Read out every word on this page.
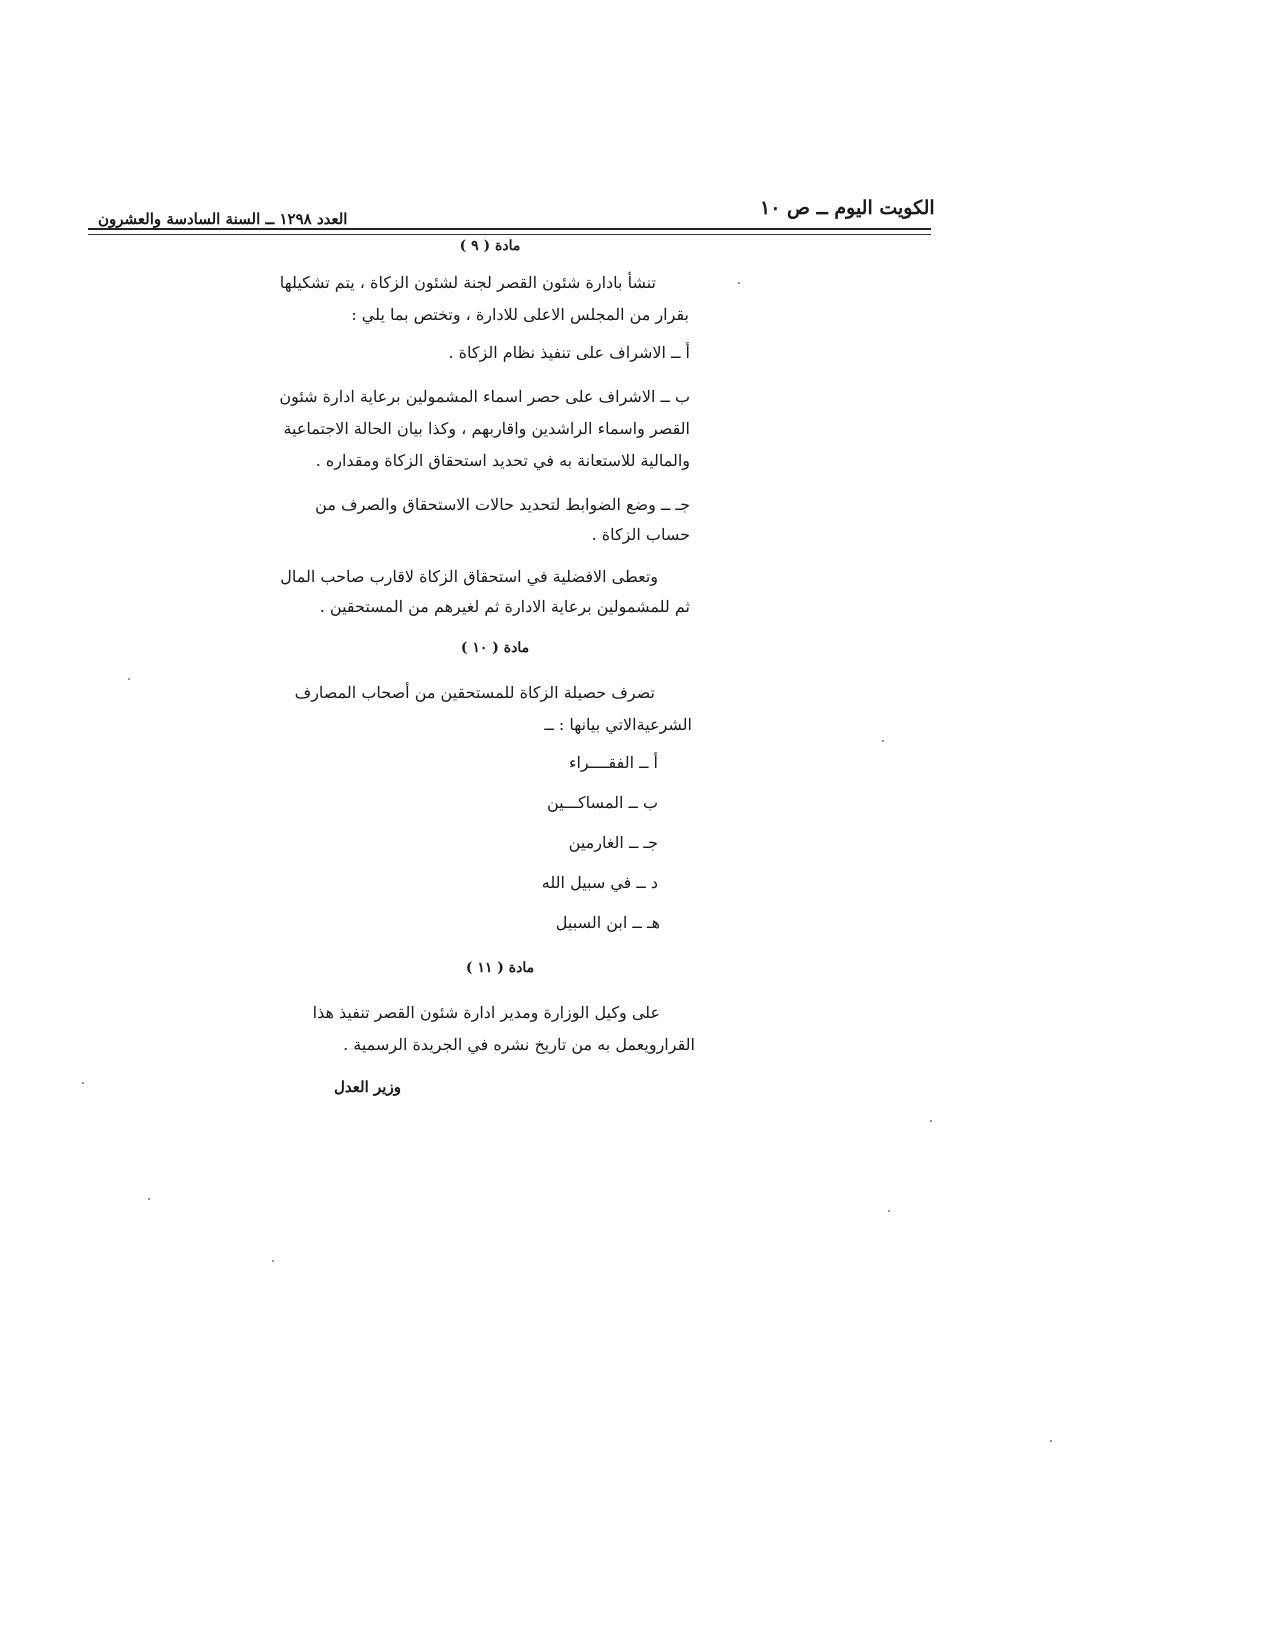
الكويت اليوم ــ ص ١٠
العدد ١٢٩٨ ــ السنة السادسة والعشرون
مادة ( ٩ )
تنشأ بادارة شئون القصر لجنة لشئون الزكاة ، يتم تشكيلها
بقرار من المجلس الاعلى للادارة ، وتختص بما يلي :
أ ــ الاشراف على تنفيذ نظام الزكاة .
ب ــ الاشراف على حصر اسماء المشمولين برعاية ادارة شئون
القصر واسماء الراشدين واقاربهم ، وكذا بيان الحالة الاجتماعية
والمالية للاستعانة به في تحديد استحقاق الزكاة ومقداره .
جـ ــ وضع الضوابط لتحديد حالات الاستحقاق والصرف من
حساب الزكاة .
وتعطى الافضلية في استحقاق الزكاة لاقارب صاحب المال
ثم للمشمولين برعاية الادارة ثم لغيرهم من المستحقين .
مادة ( ١٠ )
تصرف حصيلة الزكاة للمستحقين من أصحاب المصارف
الشرعيةالاتي بيانها : ــ
أ ــ الفقــــراء
ب ــ المساكـــين
جـ ــ الغارمين
د ــ في سبيل الله
هـ ــ ابن السبيل
مادة ( ١١ )
على وكيل الوزارة ومدير ادارة شئون القصر تنفيذ هذا
القرارويعمل به من تاريخ نشره في الجريدة الرسمية .
وزير العدل
